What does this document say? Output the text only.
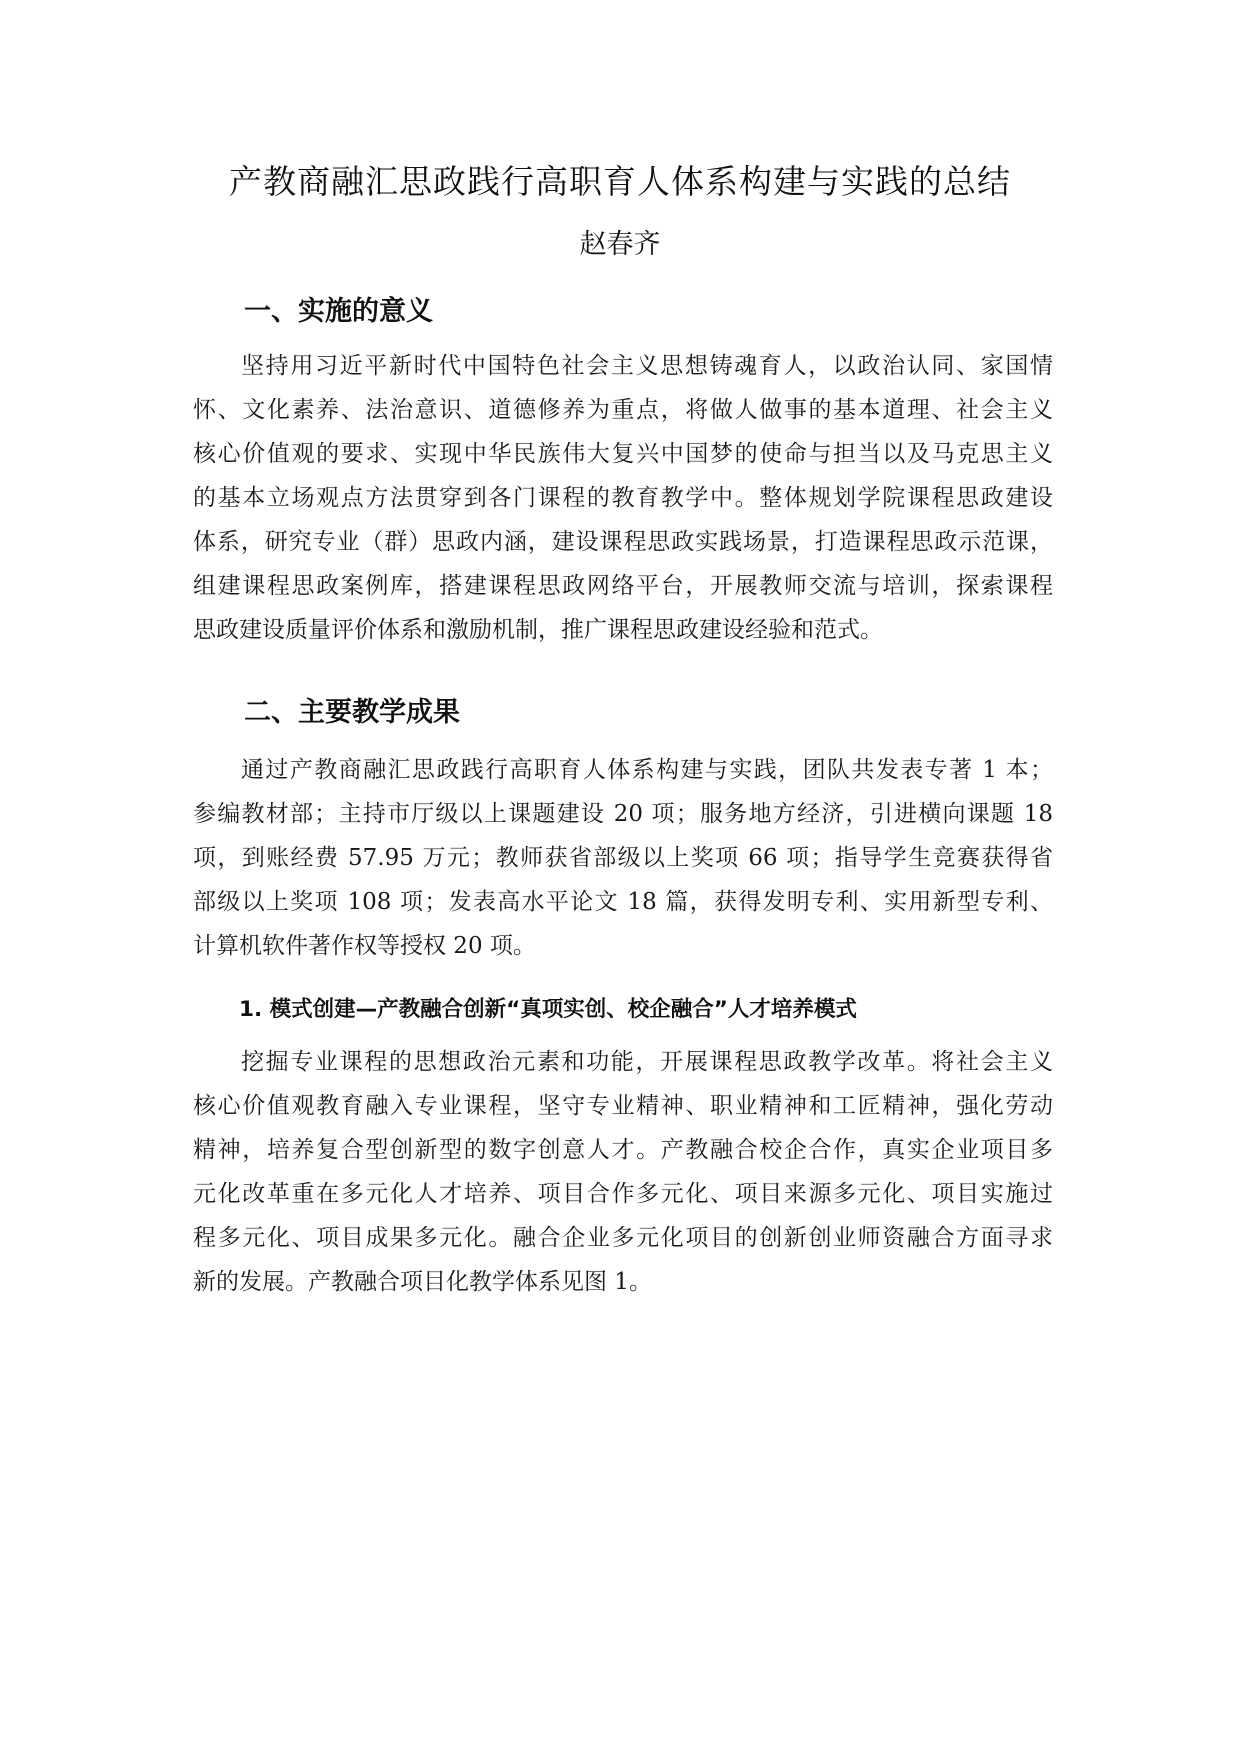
产教商融汇思政践行高职育人体系构建与实践的总结
赵春齐
一、实施的意义
坚持用习近平新时代中国特色社会主义思想铸魂育人，以政治认同、家国情
怀、文化素养、法治意识、道德修养为重点，将做人做事的基本道理、社会主义
核心价值观的要求、实现中华民族伟大复兴中国梦的使命与担当以及马克思主义
的基本立场观点方法贯穿到各门课程的教育教学中。整体规划学院课程思政建设
体系，研究专业（群）思政内涵，建设课程思政实践场景，打造课程思政示范课，
组建课程思政案例库，搭建课程思政网络平台，开展教师交流与培训，探索课程
思政建设质量评价体系和激励机制，推广课程思政建设经验和范式。
二、主要教学成果
通过产教商融汇思政践行高职育人体系构建与实践，团队共发表专著 1 本；
参编教材部；主持市厅级以上课题建设 20 项；服务地方经济，引进横向课题 18
项，到账经费 57.95 万元；教师获省部级以上奖项 66 项；指导学生竞赛获得省
部级以上奖项 108 项；发表高水平论文 18 篇，获得发明专利、实用新型专利、
计算机软件著作权等授权 20 项。
1. 模式创建—产教融合创新“真项实创、校企融合”人才培养模式
挖掘专业课程的思想政治元素和功能，开展课程思政教学改革。将社会主义
核心价值观教育融入专业课程，坚守专业精神、职业精神和工匠精神，强化劳动
精神，培养复合型创新型的数字创意人才。产教融合校企合作，真实企业项目多
元化改革重在多元化人才培养、项目合作多元化、项目来源多元化、项目实施过
程多元化、项目成果多元化。融合企业多元化项目的创新创业师资融合方面寻求
新的发展。产教融合项目化教学体系见图 1。
